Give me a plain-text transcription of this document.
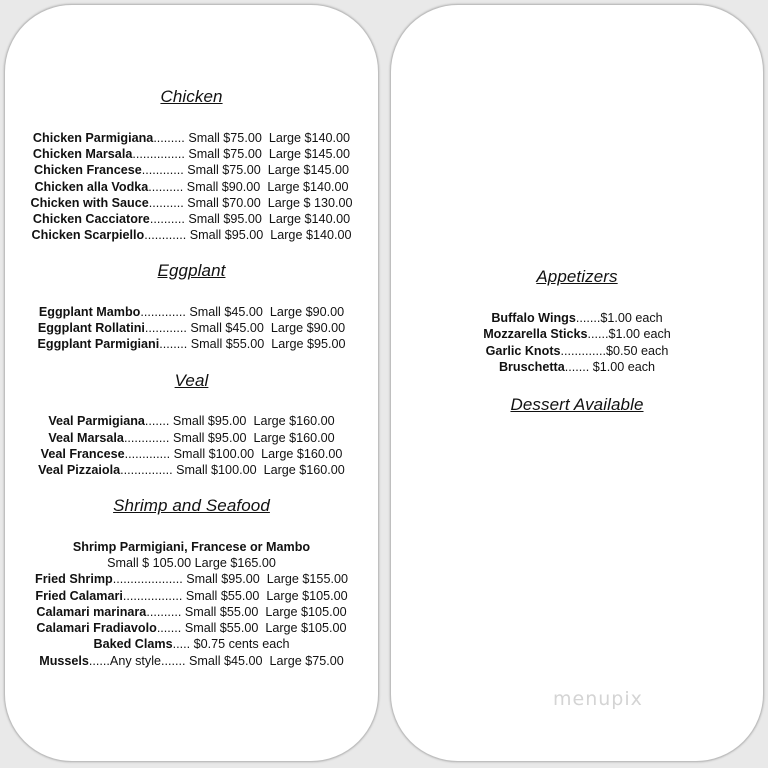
Chicken
Chicken Parmigiana......... Small $75.00 Large $140.00
Chicken Marsala............... Small $75.00 Large $145.00
Chicken Francese............ Small $75.00 Large $145.00
Chicken alla Vodka.......... Small $90.00 Large $140.00
Chicken with Sauce.......... Small $70.00 Large $ 130.00
Chicken Cacciatore.......... Small $95.00 Large $140.00
Chicken Scarpiello............ Small $95.00 Large $140.00
Eggplant
Eggplant Mambo............. Small $45.00 Large $90.00
Eggplant Rollatini............ Small $45.00 Large $90.00
Eggplant Parmigiani........ Small $55.00 Large $95.00
Veal
Veal Parmigiana....... Small $95.00 Large $160.00
Veal Marsala............. Small $95.00 Large $160.00
Veal Francese............. Small $100.00 Large $160.00
Veal Pizzaiola............... Small $100.00 Large $160.00
Shrimp and Seafood
Shrimp Parmigiani, Francese or Mambo
Small $ 105.00 Large $165.00
Fried Shrimp.................... Small $95.00 Large $155.00
Fried Calamari................. Small $55.00 Large $105.00
Calamari marinara.......... Small $55.00 Large $105.00
Calamari Fradiavolo....... Small $55.00 Large $105.00
Baked Clams..... $0.75 cents each
Mussels......Any style....... Small $45.00 Large $75.00
Appetizers
Buffalo Wings.......$1.00 each
Mozzarella Sticks......$1.00 each
Garlic Knots.............$0.50 each
Bruschetta....... $1.00 each
Dessert Available
menupix
